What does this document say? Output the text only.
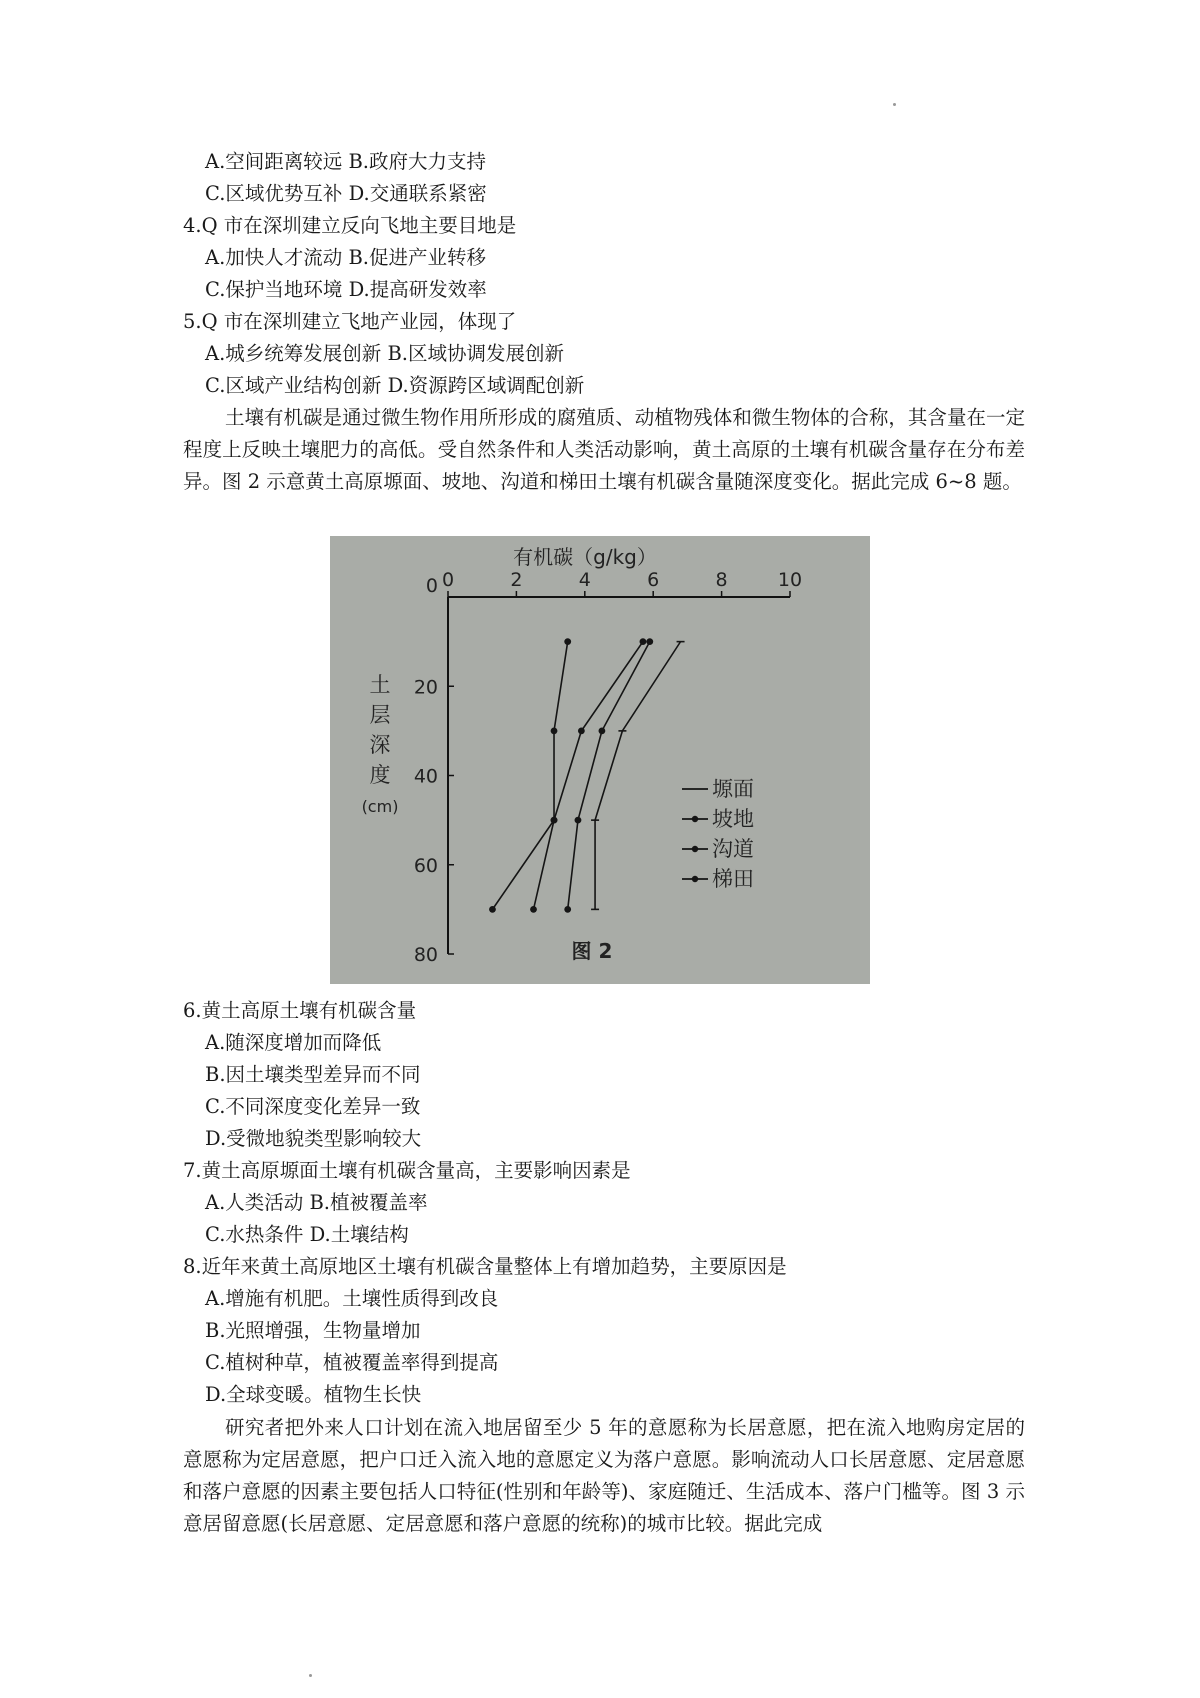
A.空间距离较远 B.政府大力支持
C.区域优势互补 D.交通联系紧密
4.Q 市在深圳建立反向飞地主要目地是
A.加快人才流动 B.促进产业转移
C.保护当地环境 D.提高研发效率
5.Q 市在深圳建立飞地产业园，体现了
A.城乡统筹发展创新 B.区域协调发展创新
C.区域产业结构创新 D.资源跨区域调配创新
土壤有机碳是通过微生物作用所形成的腐殖质、动植物残体和微生物体的合称，其含量在一定程度上反映土壤肥力的高低。受自然条件和人类活动影响，黄土高原的土壤有机碳含量存在分布差异。图 2 示意黄土高原塬面、坡地、沟道和梯田土壤有机碳含量随深度变化。据此完成 6~8 题。
有机碳（g/kg）
0	2	4	6	8	10
0
20
40
60
80
土
层
深
度
(cm)
塬面
坡地
沟道
梯田
图 2
6.黄土高原土壤有机碳含量
A.随深度增加而降低
B.因土壤类型差异而不同
C.不同深度变化差异一致
D.受微地貌类型影响较大
7.黄土高原塬面土壤有机碳含量高，主要影响因素是
A.人类活动 B.植被覆盖率
C.水热条件 D.土壤结构
8.近年来黄土高原地区土壤有机碳含量整体上有增加趋势，主要原因是
A.增施有机肥。土壤性质得到改良
B.光照增强，生物量增加
C.植树种草，植被覆盖率得到提高
D.全球变暖。植物生长快
研究者把外来人口计划在流入地居留至少 5 年的意愿称为长居意愿，把在流入地购房定居的意愿称为定居意愿，把户口迁入流入地的意愿定义为落户意愿。影响流动人口长居意愿、定居意愿和落户意愿的因素主要包括人口特征(性别和年龄等)、家庭随迁、生活成本、落户门槛等。图 3 示意居留意愿(长居意愿、定居意愿和落户意愿的统称)的城市比较。据此完成
